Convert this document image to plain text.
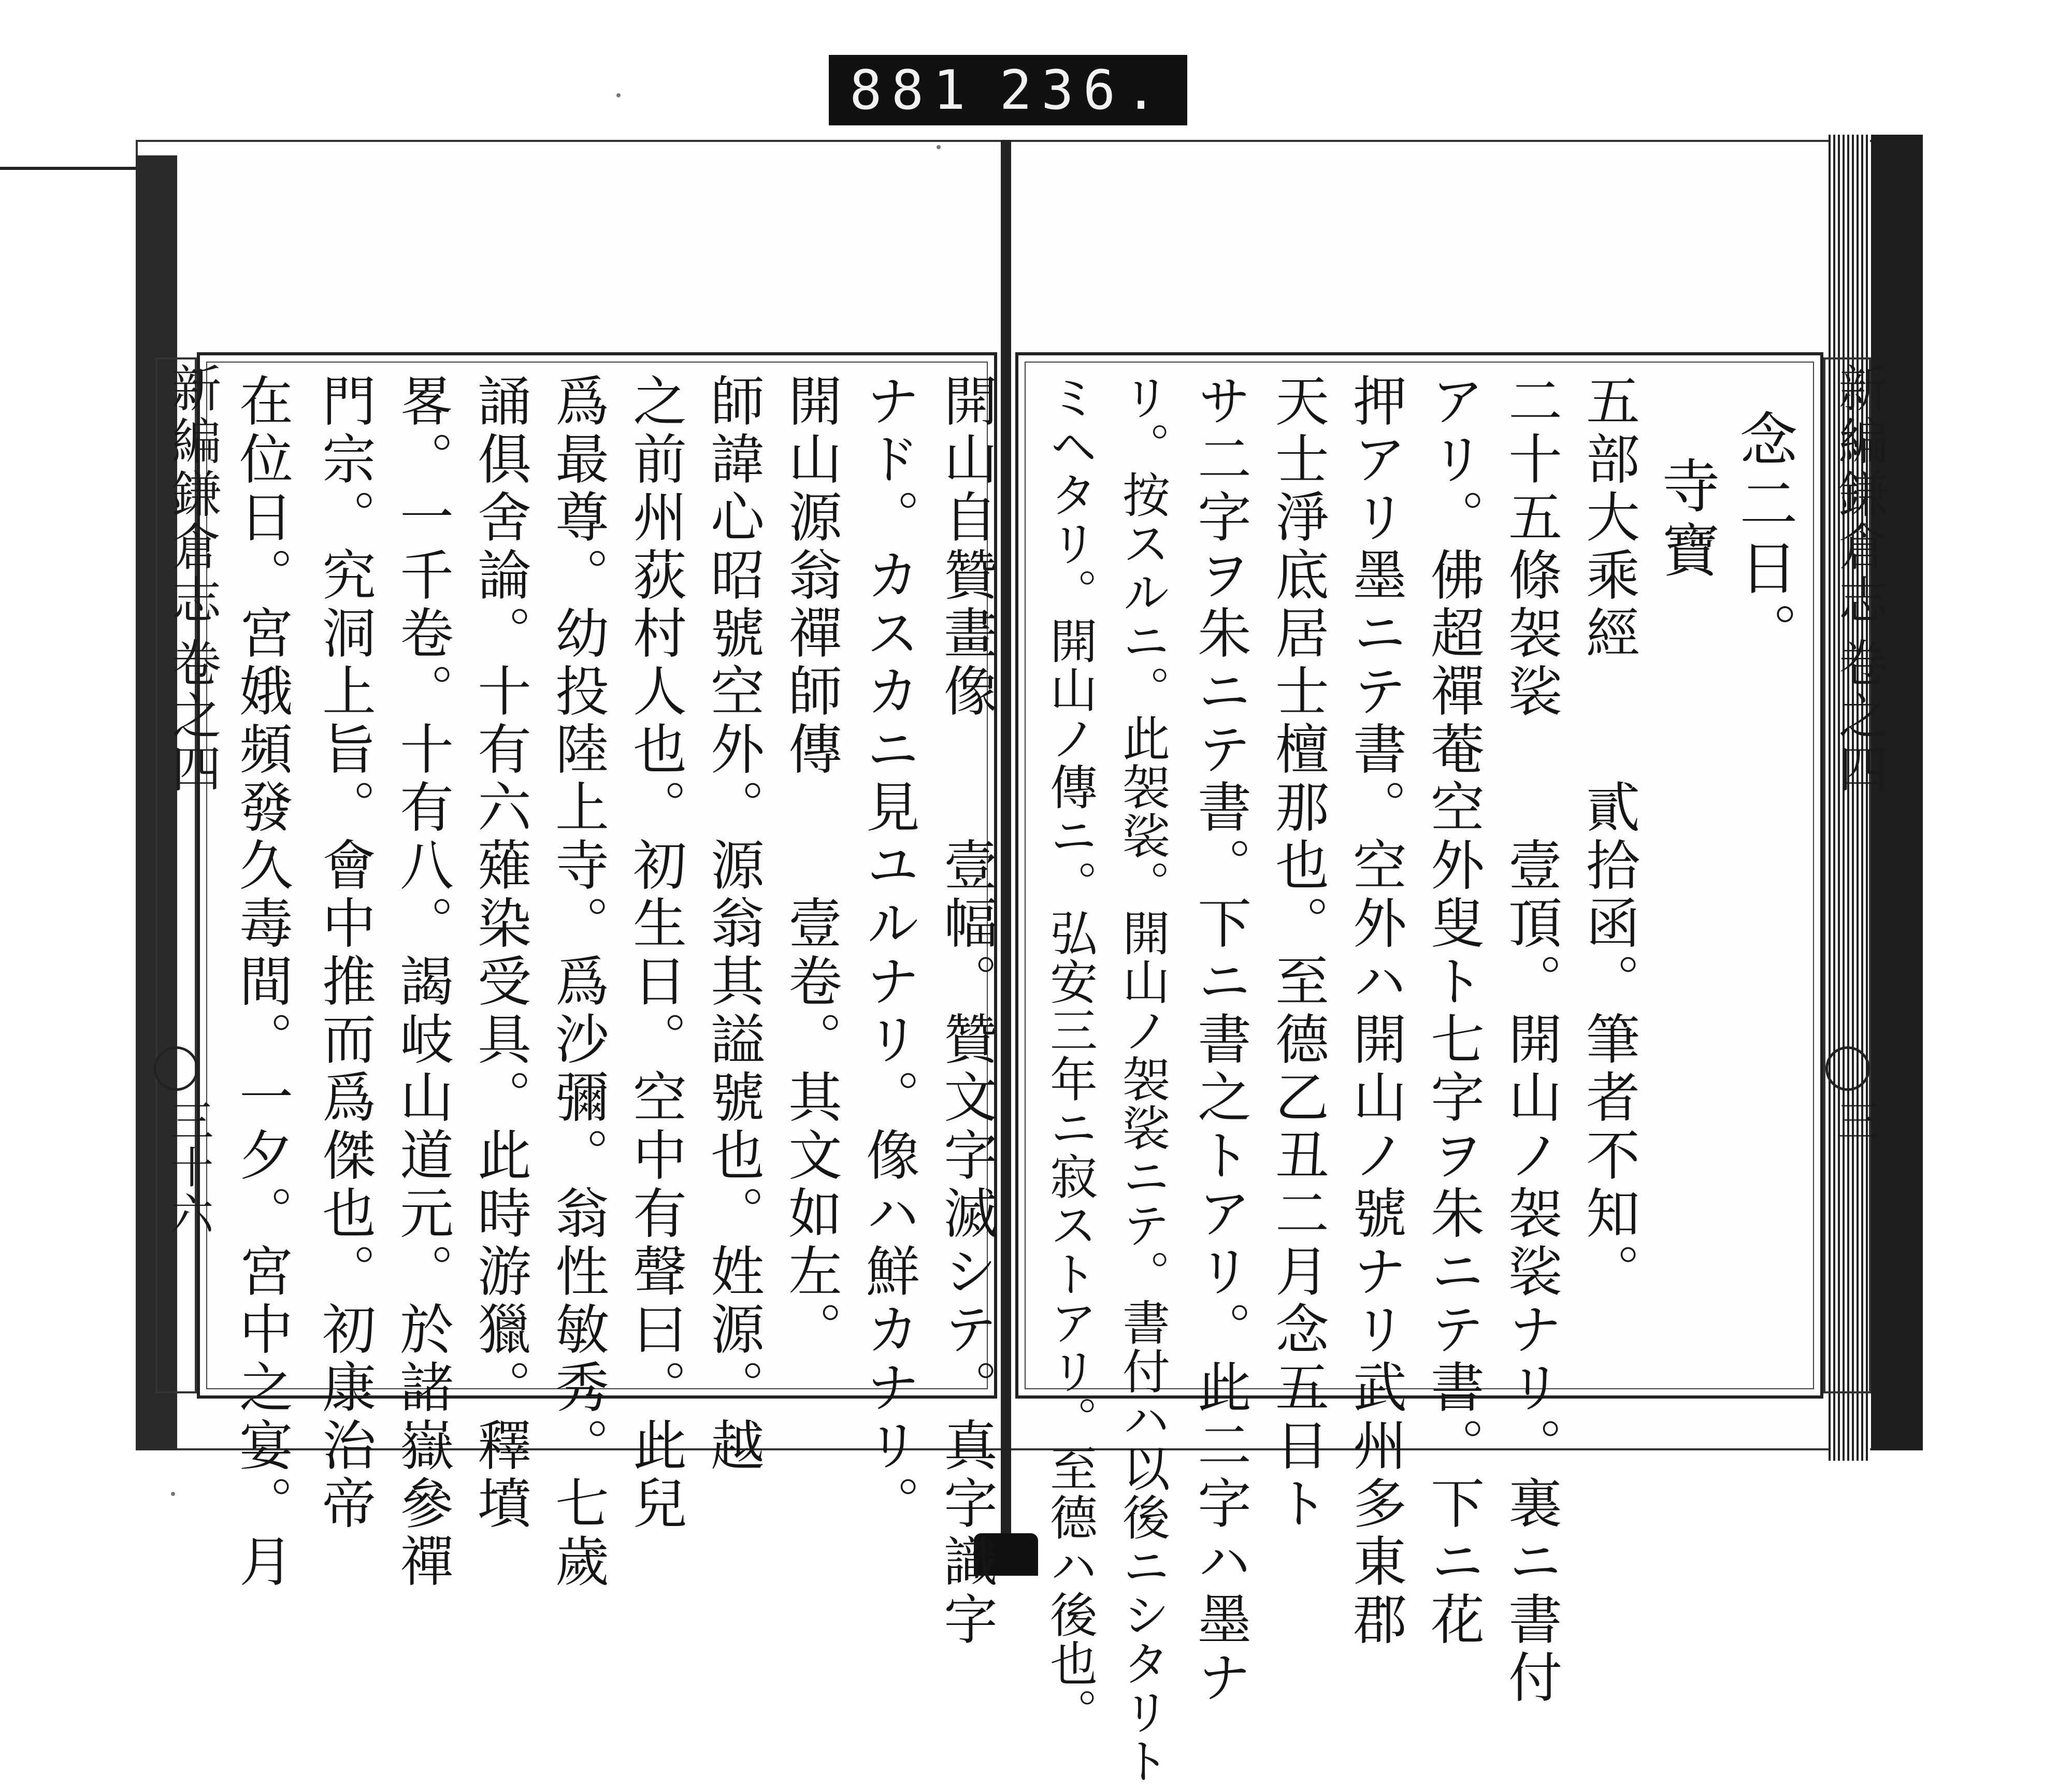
881 236.
新編鎌倉志
卷之四
三十六	開山自贊畫像　　壹幅。贊文字滅シテ。真字識字
ナド。カスカニ見ユルナリ。像ハ鮮カナリ。
開山源翁禪師傳　　壹卷。其文如左。
師諱心昭號空外。源翁其謚號也。姓源。越
之前州荻村人也。初生日。空中有聲曰。此兒
爲最尊。幼投陸上寺。爲沙彌。翁性敏秀。七歲
誦俱舍論。十有六薙染受具。此時游獵。釋墳
畧。一千卷。十有八。謁岐山道元。於諸嶽參禪
門宗。究洞上旨。會中推而爲傑也。初康治帝
在位日。宮娥頻發久毒間。一夕。宮中之宴。月	新編鎌倉志
卷之四
三
念二日。
寺寶
五部大乘經　　貳拾函。筆者不知。
二十五條袈裟　　壹頂。開山ノ袈裟ナリ。裏ニ書付
アリ。佛超禪菴空外叟ト七字ヲ朱ニテ書。下ニ花
押アリ墨ニテ書。空外ハ開山ノ號ナリ武州多東郡
天士淨底居士檀那也。至德乙丑二月念五日ト
サ二字ヲ朱ニテ書。下ニ書之トアリ。此二字ハ墨ナ
リ。按スルニ。此袈裟。開山ノ袈裟ニテ。書付ハ以後ニシタリト
ミヘタリ。開山ノ傳ニ。弘安三年ニ寂ストアリ。至德ハ後也。
